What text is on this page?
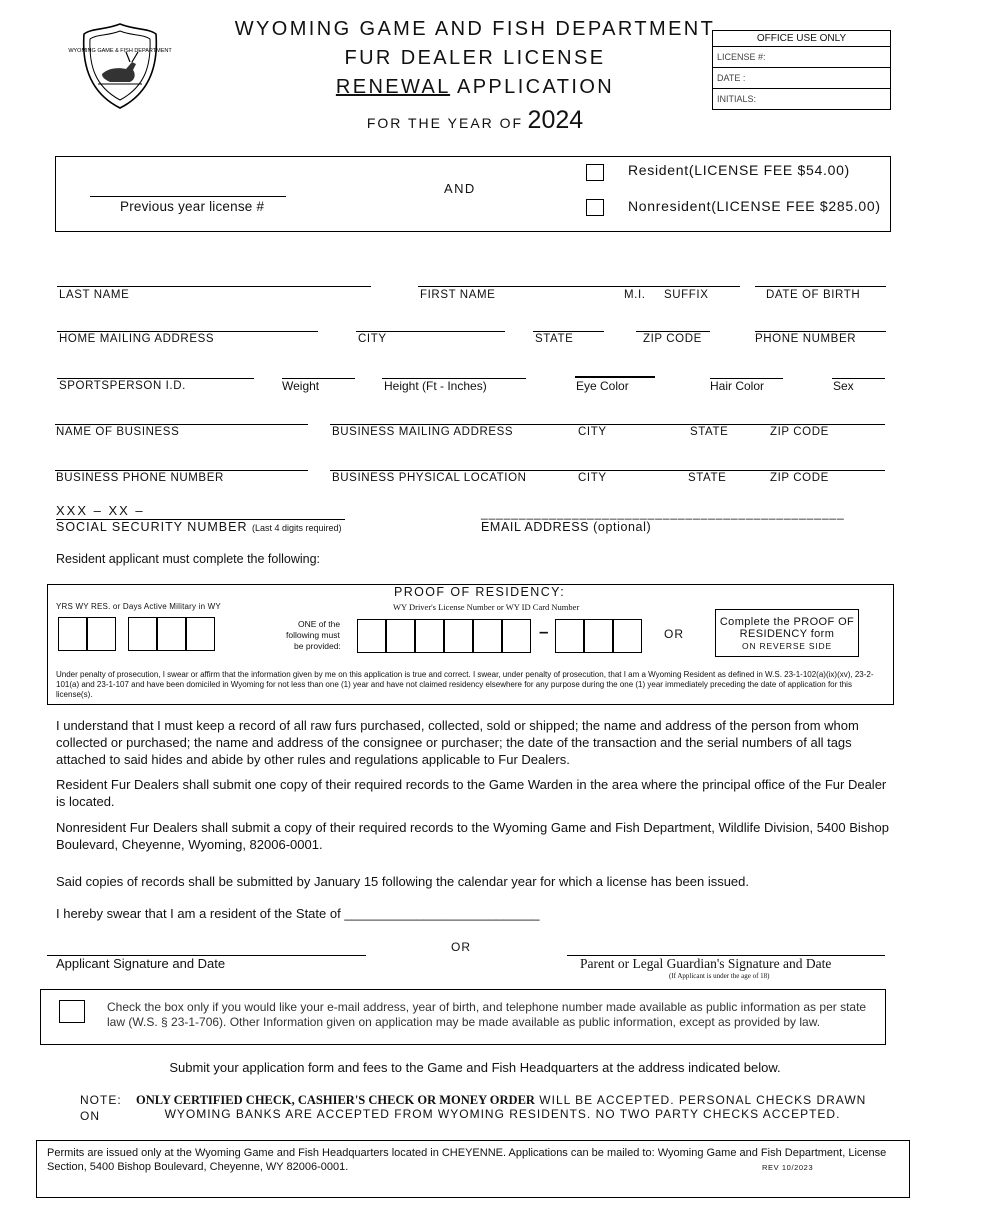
WYOMING GAME & FISH DEPARTMENT
WYOMING GAME AND FISH DEPARTMENT
FUR DEALER LICENSE
RENEWAL APPLICATION
FOR THE YEAR OF 2024
OFFICE USE ONLY
LICENSE #:
DATE :
INITIALS:
Previous year license #
AND
Resident(LICENSE FEE $54.00)
Nonresident(LICENSE FEE $285.00)
LAST NAME	FIRST NAME	M.I. SUFFIX	DATE OF BIRTH
HOME MAILING ADDRESS	CITY	STATE	ZIP CODE	PHONE NUMBER
SPORTSPERSON I.D.	Weight	Height (Ft - Inches)	Eye Color	Hair Color	Sex
NAME OF BUSINESS	BUSINESS MAILING ADDRESS	CITY	STATE	ZIP CODE
BUSINESS PHONE NUMBER	BUSINESS PHYSICAL LOCATION	CITY	STATE	ZIP CODE
XXX – XX –
SOCIAL SECURITY NUMBER (Last 4 digits required)
________________________________________________
EMAIL ADDRESS (optional)
Resident applicant must complete the following:
PROOF OF RESIDENCY:
YRS WY RES. or Days Active Military in WY	WY Driver's License Number or WY ID Card Number
ONE of the
following must
be provided:
–	OR
Complete the PROOF OF
RESIDENCY form
ON REVERSE SIDE
Under penalty of prosecution, I swear or affirm that the information given by me on this application is true and correct. I swear, under penalty of prosecution, that I am a Wyoming Resident as defined in W.S. 23-1-102(a)(ix)(xv), 23-2-101(a) and 23-1-107 and have been domiciled in Wyoming for not less than one (1) year and have not claimed residency elsewhere for any purpose during the one (1) year immediately preceding the date of application for this license(s).
I understand that I must keep a record of all raw furs purchased, collected, sold or shipped; the name and address of the person from whom collected or purchased; the name and address of the consignee or purchaser; the date of the transaction and the serial numbers of all tags attached to said hides and abide by other rules and regulations applicable to Fur Dealers.
Resident Fur Dealers shall submit one copy of their required records to the Game Warden in the area where the principal office of the Fur Dealer is located.
Nonresident Fur Dealers shall submit a copy of their required records to the Wyoming Game and Fish Department, Wildlife Division, 5400 Bishop Boulevard, Cheyenne, Wyoming, 82006-0001.
Said copies of records shall be submitted by January 15 following the calendar year for which a license has been issued.
I hereby swear that I am a resident of the State of ___________________________
OR
Applicant Signature and Date	Parent or Legal Guardian's Signature and Date
(If Applicant is under the age of 18)
Check the box only if you would like your e-mail address, year of birth, and telephone number made available as public information as per state law (W.S. § 23-1-706). Other Information given on application may be made available as public information, except as provided by law.
Submit your application form and fees to the Game and Fish Headquarters at the address indicated below.
NOTE: ONLY CERTIFIED CHECK, CASHIER'S CHECK OR MONEY ORDER WILL BE ACCEPTED. PERSONAL CHECKS DRAWN ON	WYOMING BANKS ARE ACCEPTED FROM WYOMING RESIDENTS. NO TWO PARTY CHECKS ACCEPTED.
Permits are issued only at the Wyoming Game and Fish Headquarters located in CHEYENNE. Applications can be mailed to: Wyoming Game and Fish Department, License Section, 5400 Bishop Boulevard, Cheyenne, WY 82006-0001.	REV 10/2023
